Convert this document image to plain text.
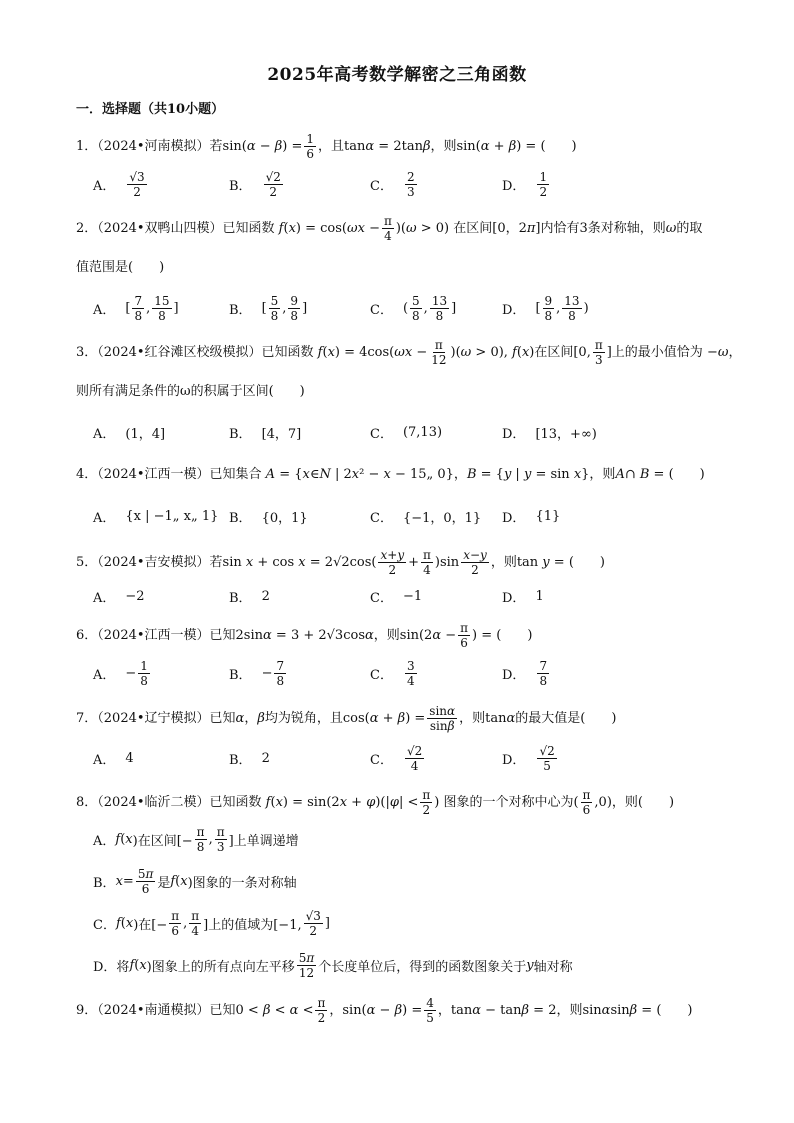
2025年高考数学解密之三角函数
一．选择题（共10小题）
1．（2024•河南模拟）若$\sin(\alpha - \beta) = \frac{1}{6}$ ，且tanα = 2tanβ，则sin(α + β) = (　　)
A． $\frac{√3}{2}$	B． $\frac{√2}{2}$	C． $\frac{2}{3}$	D． $\frac{1}{2}$
2．（2024•双鸭山四模）已知函数 $f(x) = \cos(\omega x - \frac{\pi}{4} )(\omega > 0)$ 在区间[0，2π]内恰有3条对称轴，则ω的取
值范围是(　　)
A． [ $\frac{7}{8}$ , $\frac{15}{8}$ ]	B． [ $\frac{5}{8}$ , $\frac{9}{8}$ ]	C． ( $\frac{5}{8}$ , $\frac{13}{8}$ ]	D． [ $\frac{9}{8}$ , $\frac{13}{8}$ )
3．（2024•红谷滩区校级模拟）已知函数 $f(x) = 4\cos(\omega x - \frac{\pi}{12} )(\omega > 0)$, f(x)在区间[0, $\frac{\pi}{3}$ ]上的最小值恰为 −ω，
则所有满足条件的ω的积属于区间(　　)
A． (1，4]	B． [4，7]	C． (7,13)	D． [13，+∞)
4．（2024•江西一模）已知集合 A = {x∈N | 2x² − x − 15„ 0}，B = {y | y = sin x}，则A∩ B = (　　)
A． {x | −1„ x„ 1} B． {0，1}	C． {−1，0，1} D． {1}
5．（2024•吉安模拟）若$\sin x + \cos x = 2√2\cos( \frac{x+y}{2} + \frac{\pi}{4} )\sin \frac{x-y}{2}$ ，则tan y = (　　)
A． −2	B． 2	C． −1	D． 1
6．（2024•江西一模）已知2sinα = 3 + 2√3cosα，则$\sin(2\alpha - \frac{\pi}{6}$ ) = (　　)
A． − $\frac{1}{8}$	B． − $\frac{7}{8}$	C． $\frac{3}{4}$	D． $\frac{7}{8}$
7．（2024•辽宁模拟）已知α，β均为锐角，且$\cos(\alpha + \beta) = \frac{\sin\alpha}{\sin\beta}$ ，则tanα的最大值是(　　)
A． 4	B． 2	C． $\frac{√2}{4}$	D． $\frac{√2}{5}$
8．（2024•临沂二模）已知函数 $f(x) = \sin(2x + \varphi)(|\varphi| < \frac{\pi}{2}$ ) 图象的一个对称中心为( $\frac{\pi}{6} ,0$)，则(　　)
A． f ( x )在区间[− $\frac{\pi}{8}$ , $\frac{\pi}{3}$ ]上单调递增
B． $x = \frac{5\pi}{6}$ 是 f ( x )图象的一条对称轴
C． f ( x )在[− $\frac{\pi}{6}$ , $\frac{\pi}{4}$ ]上的值域为[−1, $\frac{√3}{2}$ ]
D．将 f ( x )图象上的所有点向左平移 $\frac{5\pi}{12}$ 个长度单位后，得到的函数图象关于 y 轴对称
9．（2024•南通模拟）已知$0 < \beta < \alpha < \frac{\pi}{2}$ ，$\sin(\alpha - \beta) = \frac{4}{5}$ ，tanα − tanβ = 2，则sinαsinβ = (　　)
